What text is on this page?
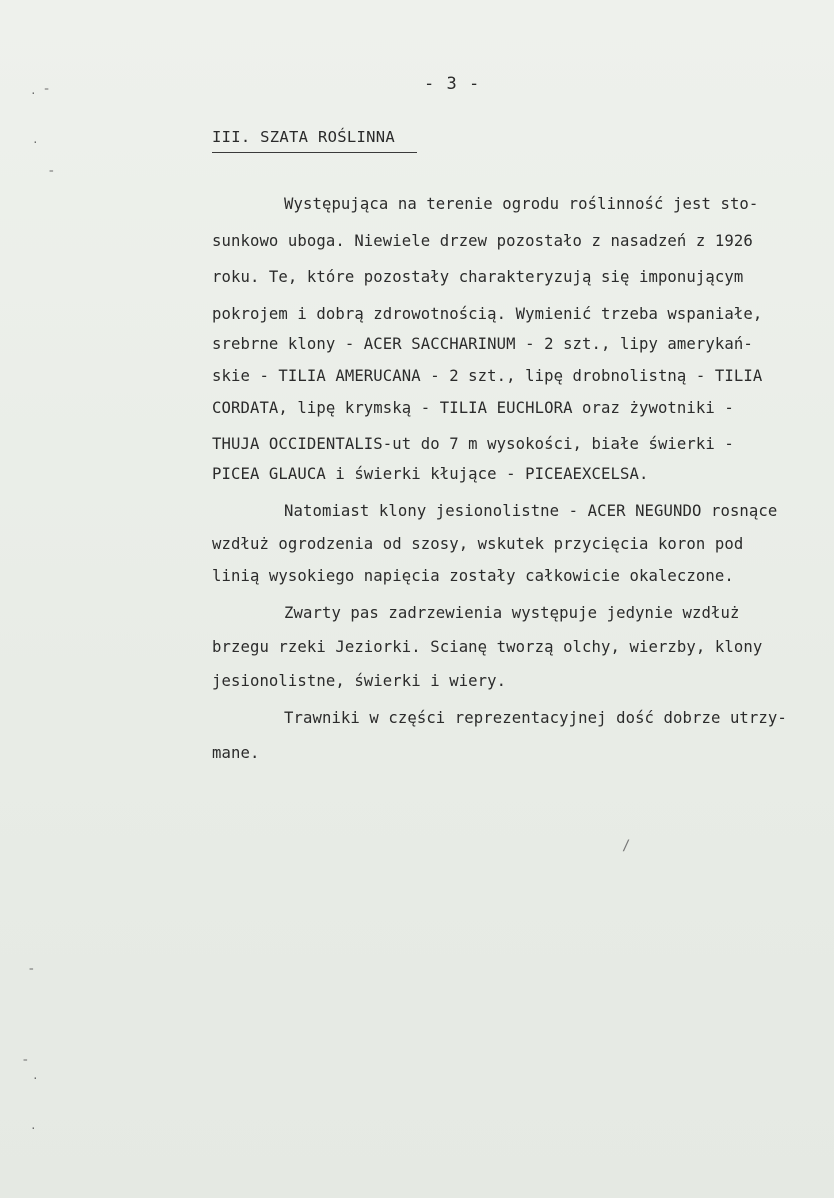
. ⁼
·
⁼
⁼
⁼
·
·
/
- 3 -
III. SZATA ROŚLINNA
Występująca na terenie ogrodu roślinność jest sto-
sunkowo uboga. Niewiele drzew pozostało z nasadzeń z 1926
roku. Te, które pozostały charakteryzują się imponującym
pokrojem i dobrą zdrowotnością. Wymienić trzeba wspaniałe,
srebrne klony - ACER SACCHARINUM - 2 szt., lipy amerykań-
skie - TILIA AMERUCANA - 2 szt., lipę drobnolistną - TILIA
CORDATA, lipę krymską - TILIA EUCHLORA oraz żywotniki -
THUJA OCCIDENTALIS-ut do 7 m wysokości, białe świerki -
PICEA GLAUCA i świerki kłujące - PICEAEXCELSA.
Natomiast klony jesionolistne - ACER NEGUNDO rosnące
wzdłuż ogrodzenia od szosy, wskutek przycięcia koron pod
linią wysokiego napięcia zostały całkowicie okaleczone.
Zwarty pas zadrzewienia występuje jedynie wzdłuż
brzegu rzeki Jeziorki. Scianę tworzą olchy, wierzby, klony
jesionolistne, świerki i wiery.
Trawniki w części reprezentacyjnej dość dobrze utrzy-
mane.
